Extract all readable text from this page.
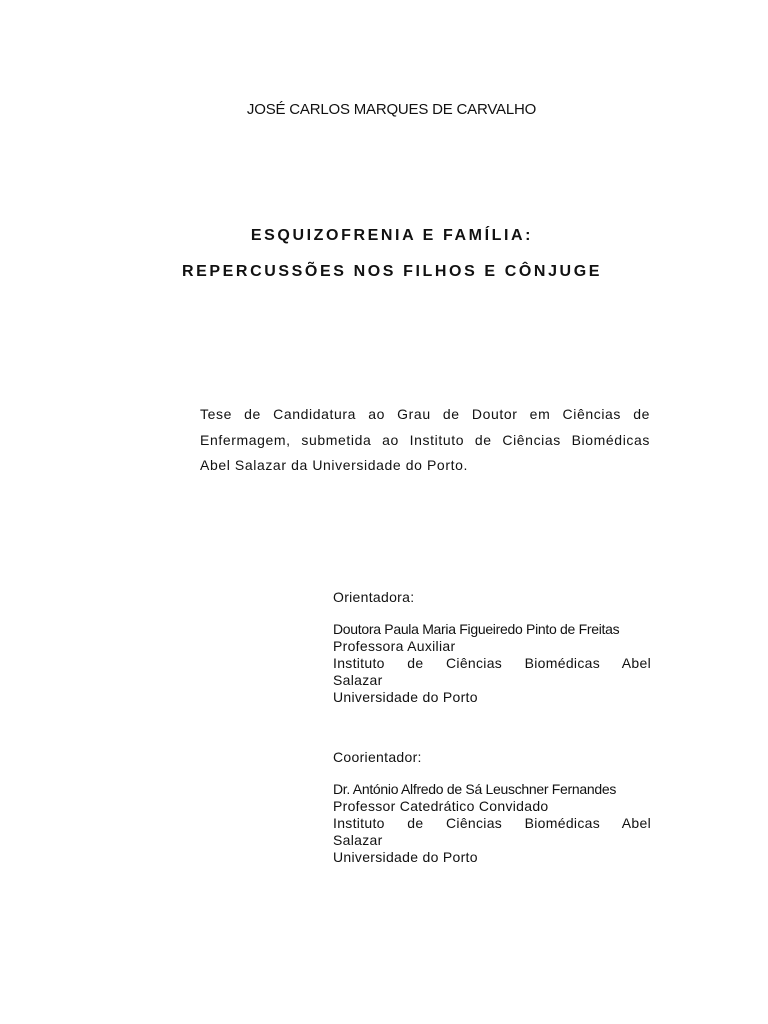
JOSÉ CARLOS MARQUES DE CARVALHO
ESQUIZOFRENIA E FAMÍLIA:
REPERCUSSÕES NOS FILHOS E CÔNJUGE
Tese de Candidatura ao Grau de Doutor em Ciências de
Enfermagem, submetida ao Instituto de Ciências Biomédicas
Abel Salazar da Universidade do Porto.
Orientadora:
Doutora Paula Maria Figueiredo Pinto de Freitas
Professora Auxiliar
Instituto de Ciências Biomédicas Abel
Salazar
Universidade do Porto
Coorientador:
Dr. António Alfredo de Sá Leuschner Fernandes
Professor Catedrático Convidado
Instituto de Ciências Biomédicas Abel
Salazar
Universidade do Porto
